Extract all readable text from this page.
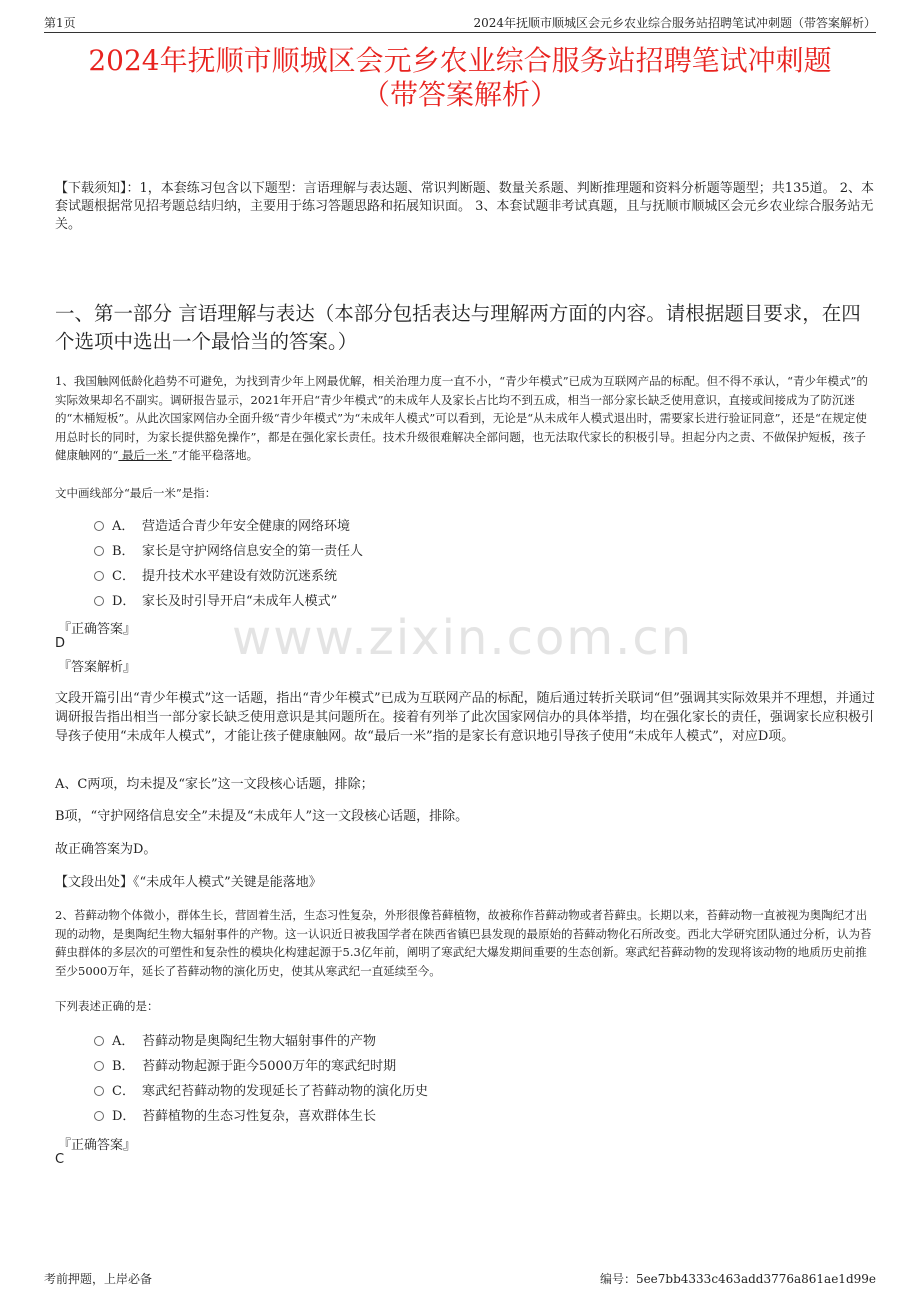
第1页	2024年抚顺市顺城区会元乡农业综合服务站招聘笔试冲刺题（带答案解析）
2024年抚顺市顺城区会元乡农业综合服务站招聘笔试冲刺题
（带答案解析）
【下载须知】：1，本套练习包含以下题型：言语理解与表达题、常识判断题、数量关系题、判断推理题和资料分析题等题型；共135道。 2、本套试题根据常见招考题总结归纳，主要用于练习答题思路和拓展知识面。 3、本套试题非考试真题，且与抚顺市顺城区会元乡农业综合服务站无关。
一、第一部分 言语理解与表达（本部分包括表达与理解两方面的内容。请根据题目要求，在四个选项中选出一个最恰当的答案。）
1、我国触网低龄化趋势不可避免，为找到青少年上网最优解，相关治理力度一直不小，“青少年模式”已成为互联网产品的标配。但不得不承认，“青少年模式”的实际效果却名不副实。调研报告显示，2021年开启“青少年模式”的未成年人及家长占比均不到五成，相当一部分家长缺乏使用意识，直接或间接成为了防沉迷的“木桶短板”。从此次国家网信办全面升级“青少年模式”为“未成年人模式”可以看到，无论是“从未成年人模式退出时，需要家长进行验证同意”，还是“在规定使用总时长的同时，为家长提供豁免操作”，都是在强化家长责任。技术升级很难解决全部问题，也无法取代家长的积极引导。担起分内之责、不做保护短板，孩子健康触网的“ 最后一米 ”才能平稳落地。
文中画线部分“最后一米”是指：
A． 营造适合青少年安全健康的网络环境
B． 家长是守护网络信息安全的第一责任人
C． 提升技术水平建设有效防沉迷系统
D． 家长及时引导开启“未成年人模式”
『正确答案』
D
『答案解析』
文段开篇引出“青少年模式”这一话题，指出“青少年模式”已成为互联网产品的标配，随后通过转折关联词“但”强调其实际效果并不理想，并通过调研报告指出相当一部分家长缺乏使用意识是其问题所在。接着有列举了此次国家网信办的具体举措，均在强化家长的责任，强调家长应积极引导孩子使用“未成年人模式”，才能让孩子健康触网。故“最后一米”指的是家长有意识地引导孩子使用“未成年人模式”，对应D项。
A、C两项，均未提及“家长”这一文段核心话题，排除；
B项，“守护网络信息安全”未提及“未成年人”这一文段核心话题，排除。
故正确答案为D。
【文段出处】《“未成年人模式”关键是能落地》
2、苔藓动物个体微小，群体生长，营固着生活，生态习性复杂，外形很像苔藓植物，故被称作苔藓动物或者苔藓虫。长期以来，苔藓动物一直被视为奥陶纪才出现的动物，是奥陶纪生物大辐射事件的产物。这一认识近日被我国学者在陕西省镇巴县发现的最原始的苔藓动物化石所改变。西北大学研究团队通过分析，认为苔藓虫群体的多层次的可塑性和复杂性的模块化构建起源于5.3亿年前，阐明了寒武纪大爆发期间重要的生态创新。寒武纪苔藓动物的发现将该动物的地质历史前推至少5000万年，延长了苔藓动物的演化历史，使其从寒武纪一直延续至今。
下列表述正确的是：
A． 苔藓动物是奥陶纪生物大辐射事件的产物
B． 苔藓动物起源于距今5000万年的寒武纪时期
C． 寒武纪苔藓动物的发现延长了苔藓动物的演化历史
D． 苔藓植物的生态习性复杂，喜欢群体生长
『正确答案』
C
www.zixin.com.cn
考前押题，上岸必备	编号：5ee7bb4333c463add3776a861ae1d99e
